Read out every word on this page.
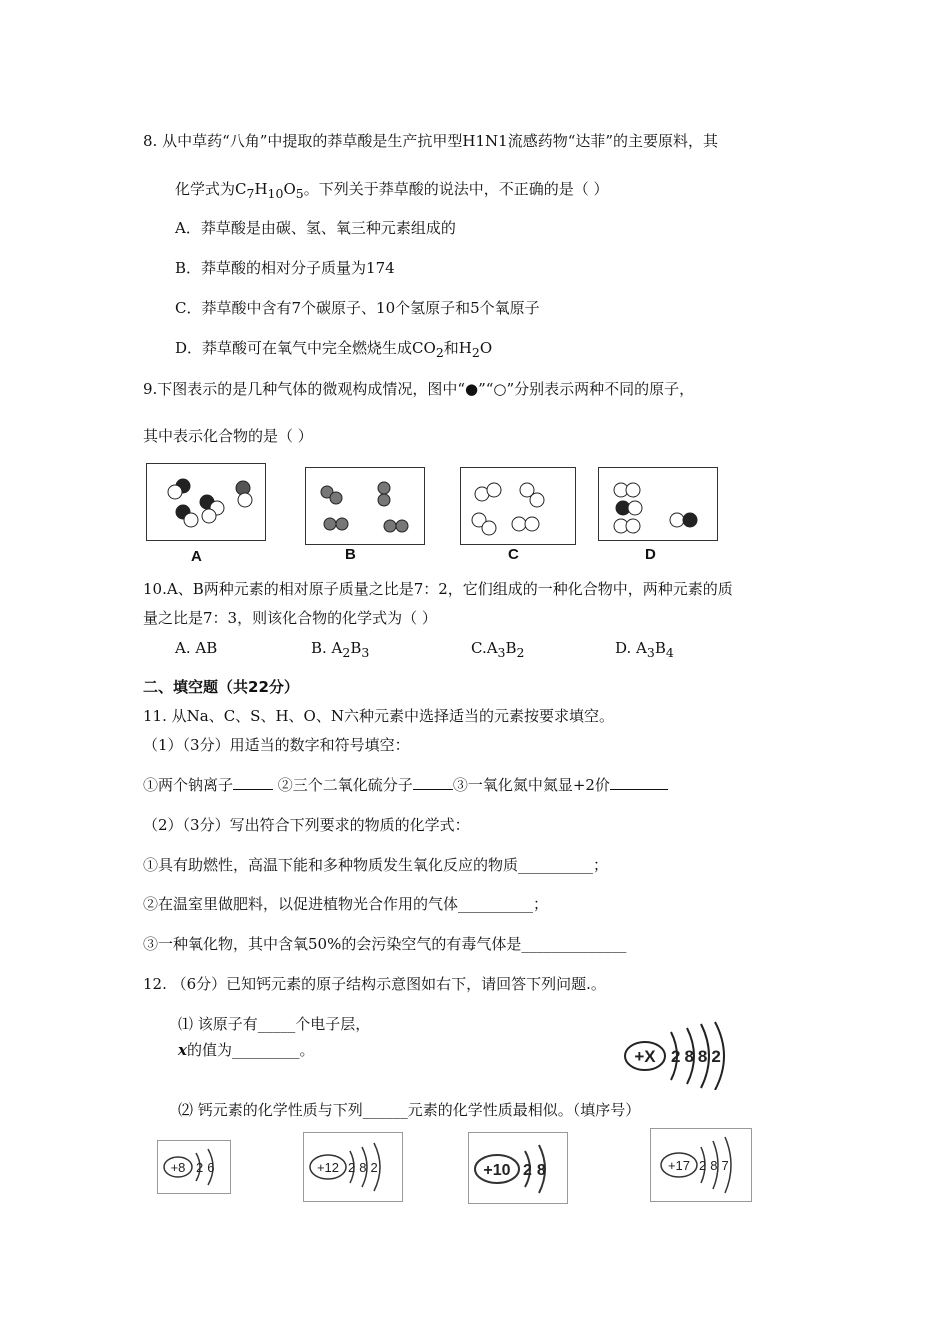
8. 从中草药“八角”中提取的莽草酸是生产抗甲型H1N1流感药物“达菲”的主要原料，其
化学式为$C_7H_{10}O_5$。下列关于莽草酸的说法中，不正确的是（ ）
A．莽草酸是由碳、氢、氧三种元素组成的
B．莽草酸的相对分子质量为174
C．莽草酸中含有7个碳原子、10个氢原子和5个氧原子
D．莽草酸可在氧气中完全燃烧生成$CO_2$和$H_2O$
9.下图表示的是几种气体的微观构成情况，图中“●”“○”分别表示两种不同的原子，
其中表示化合物的是（ ）
A	B	C	D
10.A、B两种元素的相对原子质量之比是7：2，它们组成的一种化合物中，两种元素的质
量之比是7：3，则该化合物的化学式为（ ）
A. AB	B. $A_2B_3$	$C.A_3B_2$	D. $A_3B_4$
二、填空题（共22分）
11. 从Na、C、S、H、O、N六种元素中选择适当的元素按要求填空。
（1）（3分）用适当的数字和符号填空：
①两个钠离子	②三个二氧化硫分子	③一氧化氮中氮显+2价
（2）（3分）写出符合下列要求的物质的化学式：
①具有助燃性，高温下能和多种物质发生氧化反应的物质__________；
②在温室里做肥料，以促进植物光合作用的气体__________；
③一种氧化物，其中含氧50%的会污染空气的有毒气体是______________
12. （6分）已知钙元素的原子结构示意图如右下，请回答下列问题.。
⑴ 该原子有_____个电子层，
x的值为_________。	+X 2882
⑵ 钙元素的化学性质与下列______元素的化学性质最相似。（填序号）
+8 26	+12 282	+10 28	+17 287
